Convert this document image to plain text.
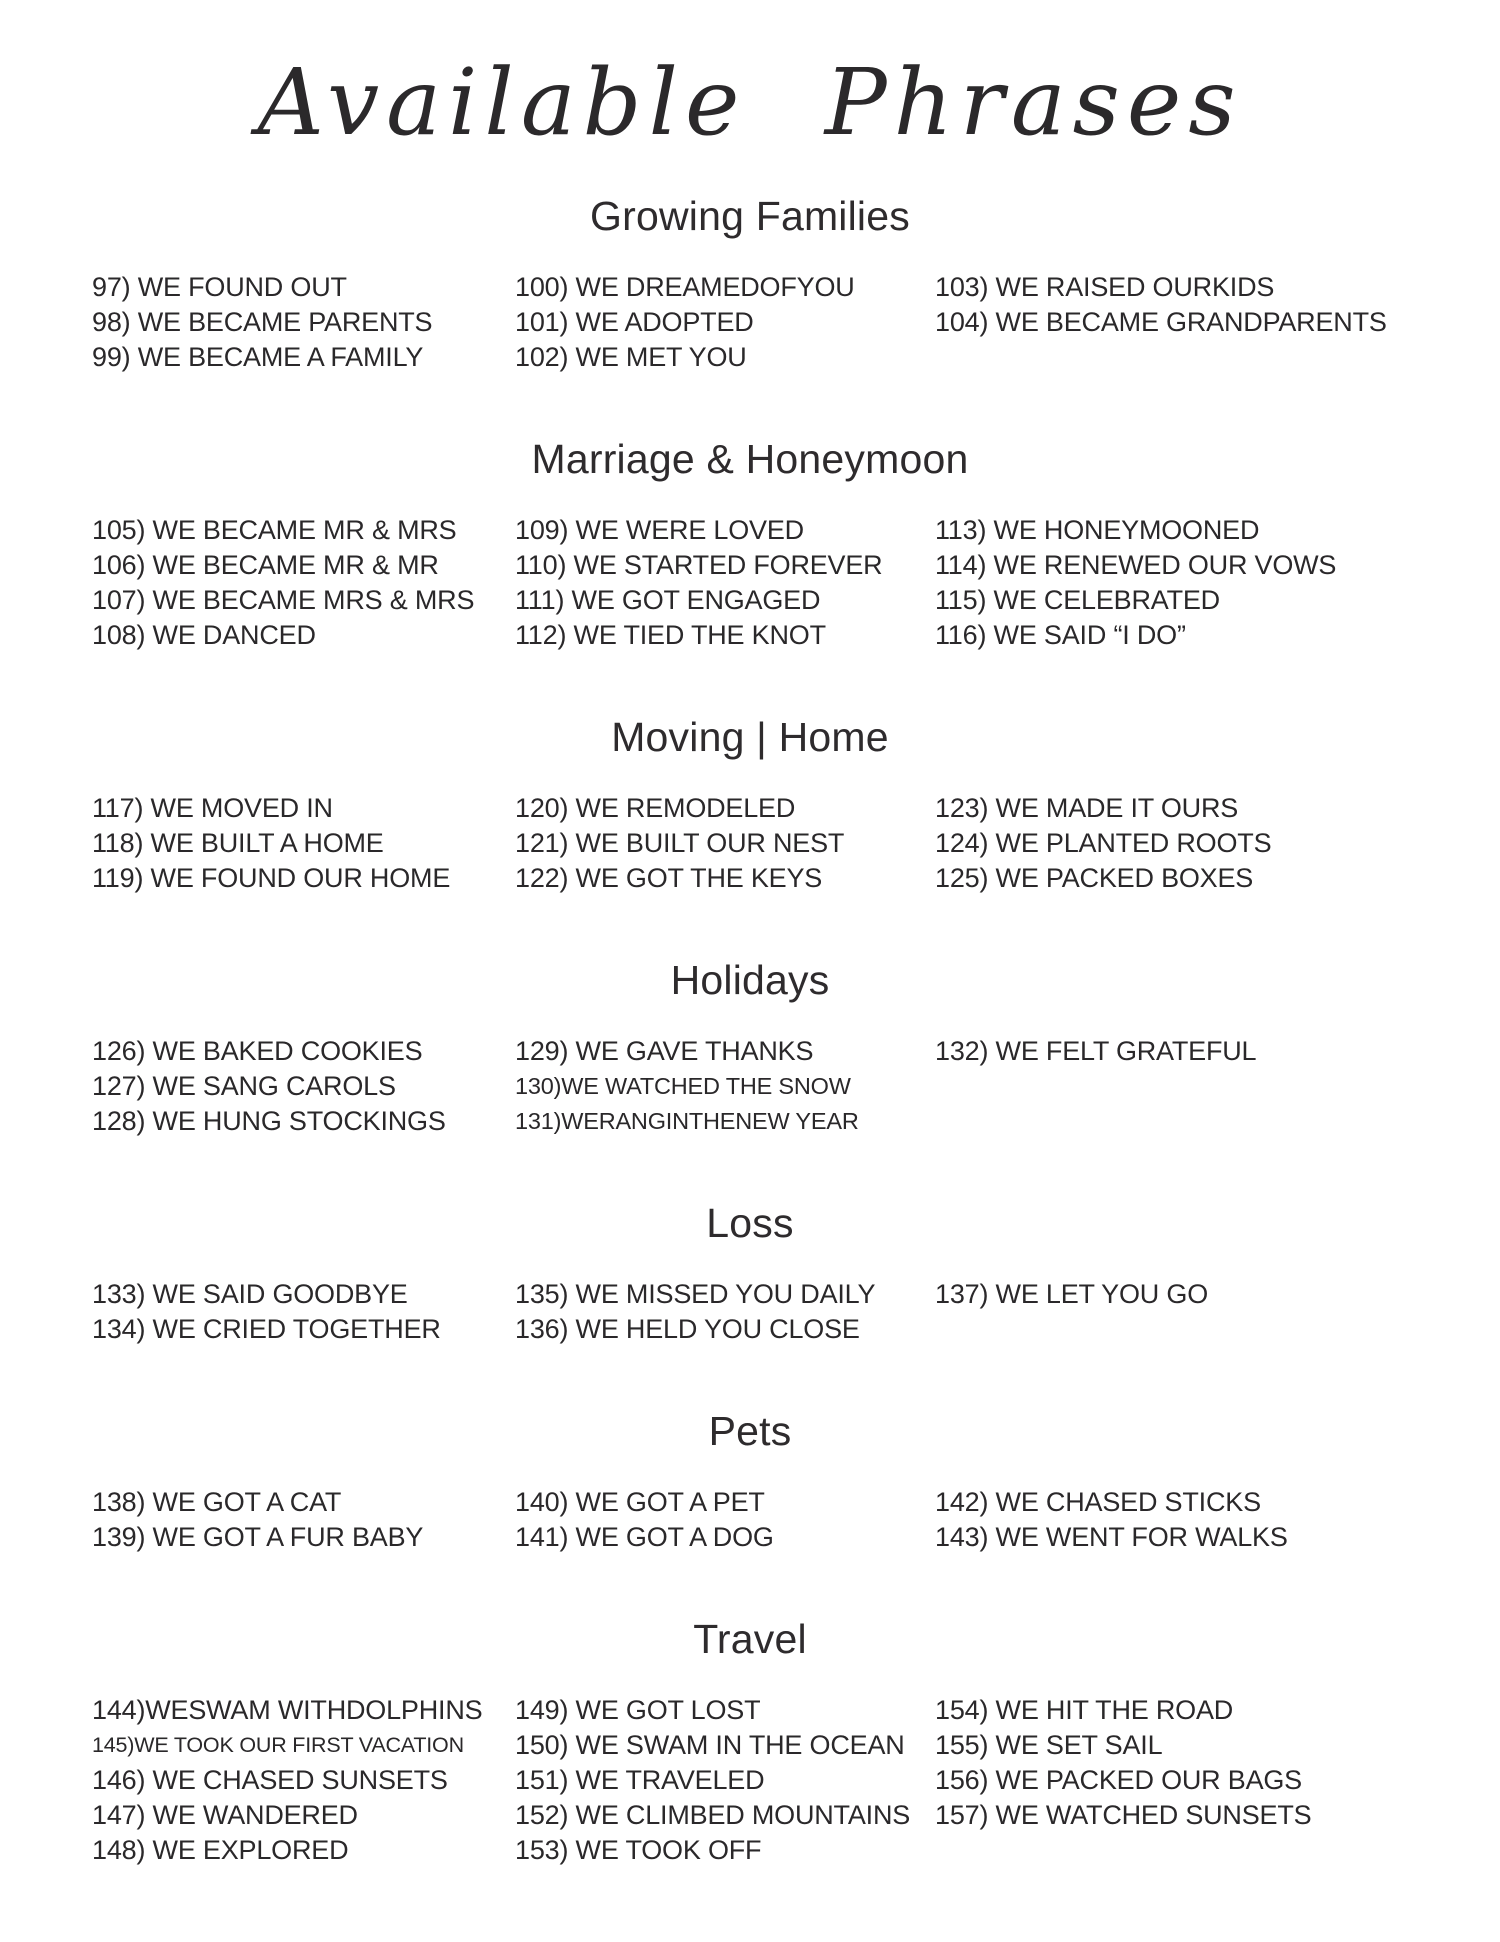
Available Phrases
Growing Families
97) WE FOUND OUT
98) WE BECAME PARENTS
99) WE BECAME A FAMILY
100) WE DREAMEDOFYOU
101) WE ADOPTED
102) WE MET YOU
103) WE RAISED OURKIDS
104) WE BECAME GRANDPARENTS
Marriage & Honeymoon
105) WE BECAME MR & MRS
106) WE BECAME MR & MR
107) WE BECAME MRS & MRS
108) WE DANCED
109) WE WERE LOVED
110) WE STARTED FOREVER
111) WE GOT ENGAGED
112) WE TIED THE KNOT
113) WE HONEYMOONED
114) WE RENEWED OUR VOWS
115) WE CELEBRATED
116) WE SAID “I DO”
Moving | Home
117) WE MOVED IN
118) WE BUILT A HOME
119) WE FOUND OUR HOME
120) WE REMODELED
121) WE BUILT OUR NEST
122) WE GOT THE KEYS
123) WE MADE IT OURS
124) WE PLANTED ROOTS
125) WE PACKED BOXES
Holidays
126) WE BAKED COOKIES
127) WE SANG CAROLS
128) WE HUNG STOCKINGS
129) WE GAVE THANKS
130)WE WATCHED THE SNOW
131)WERANGINTHENEW YEAR
132) WE FELT GRATEFUL
Loss
133) WE SAID GOODBYE
134) WE CRIED TOGETHER
135) WE MISSED YOU DAILY
136) WE HELD YOU CLOSE
137) WE LET YOU GO
Pets
138) WE GOT A CAT
139) WE GOT A FUR BABY
140) WE GOT A PET
141) WE GOT A DOG
142) WE CHASED STICKS
143) WE WENT FOR WALKS
Travel
144)WESWAM WITHDOLPHINS
145)WE TOOK OUR FIRST VACATION
146) WE CHASED SUNSETS
147) WE WANDERED
148) WE EXPLORED
149) WE GOT LOST
150) WE SWAM IN THE OCEAN
151) WE TRAVELED
152) WE CLIMBED MOUNTAINS
153) WE TOOK OFF
154) WE HIT THE ROAD
155) WE SET SAIL
156) WE PACKED OUR BAGS
157) WE WATCHED SUNSETS
